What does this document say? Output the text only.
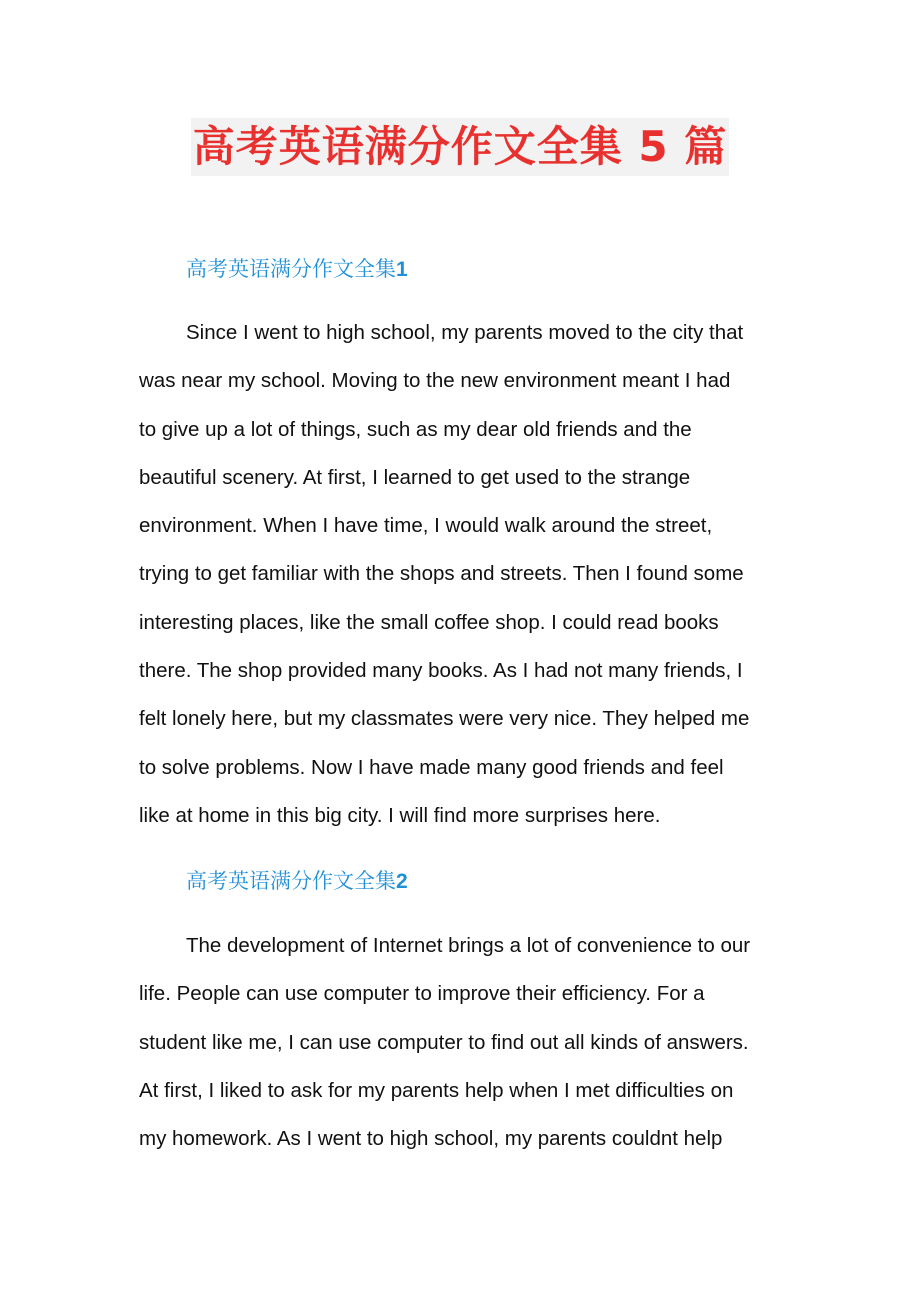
高考英语满分作文全集 5 篇
高考英语满分作文全集1
Since I went to high school, my parents moved to the city that
was near my school. Moving to the new environment meant I had
to give up a lot of things, such as my dear old friends and the
beautiful scenery. At first, I learned to get used to the strange
environment. When I have time, I would walk around the street,
trying to get familiar with the shops and streets. Then I found some
interesting places, like the small coffee shop. I could read books
there. The shop provided many books. As I had not many friends, I
felt lonely here, but my classmates were very nice. They helped me
to solve problems. Now I have made many good friends and feel
like at home in this big city. I will find more surprises here.
高考英语满分作文全集2
The development of Internet brings a lot of convenience to our
life. People can use computer to improve their efficiency. For a
student like me, I can use computer to find out all kinds of answers.
At first, I liked to ask for my parents help when I met difficulties on
my homework. As I went to high school, my parents couldnt help
